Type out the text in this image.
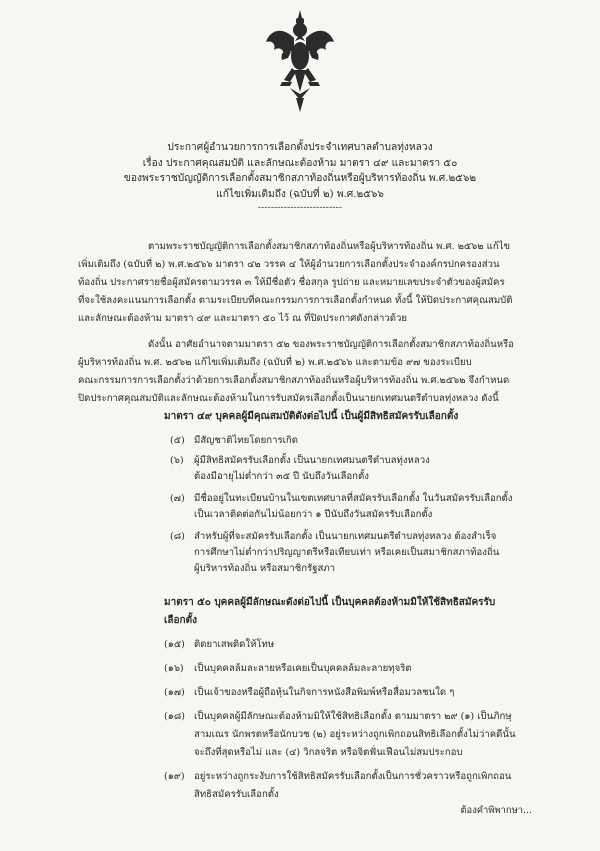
ประกาศผู้อำนวยการการเลือกตั้งประจำเทศบาลตำบลทุ่งหลวง
เรื่อง ประกาศคุณสมบัติ และลักษณะต้องห้าม มาตรา ๔๙ และมาตรา ๕๐
ของพระราชบัญญัติการเลือกตั้งสมาชิกสภาท้องถิ่นหรือผู้บริหารท้องถิ่น พ.ศ.๒๕๖๒
แก้ไขเพิ่มเติมถึง (ฉบับที่ ๒) พ.ศ.๒๕๖๖
--------------------------
ตามพระราชบัญญัติการเลือกตั้งสมาชิกสภาท้องถิ่นหรือผู้บริหารท้องถิ่น พ.ศ. ๒๕๖๒ แก้ไข
เพิ่มเติมถึง (ฉบับที่ ๒) พ.ศ.๒๕๖๖ มาตรา ๔๒ วรรค ๔ ให้ผู้อำนวยการเลือกตั้งประจำองค์กรปกครองส่วน
ท้องถิ่น ประกาศรายชื่อผู้สมัครตามวรรค ๓ ให้มีชื่อตัว ชื่อสกุล รูปถ่าย และหมายเลขประจำตัวของผู้สมัคร
ที่จะใช้ลงคะแนนการเลือกตั้ง ตามระเบียบที่คณะกรรมการการเลือกตั้งกำหนด ทั้งนี้ ให้ปิดประกาศคุณสมบัติ
และลักษณะต้องห้าม มาตรา ๔๙ และมาตรา ๕๐ ไว้ ณ ที่ปิดประกาศดังกล่าวด้วย
ดังนั้น อาศัยอำนาจตามมาตรา ๕๒ ของพระราชบัญญัติการเลือกตั้งสมาชิกสภาท้องถิ่นหรือ
ผู้บริหารท้องถิ่น พ.ศ. ๒๕๖๒ แก้ไขเพิ่มเติมถึง (ฉบับที่ ๒) พ.ศ.๒๕๖๖ และตามข้อ ๙๗ ของระเบียบ
คณะกรรมการการเลือกตั้งว่าด้วยการเลือกตั้งสมาชิกสภาท้องถิ่นหรือผู้บริหารท้องถิ่น พ.ศ.๒๕๖๒ จึงกำหนด
ปิดประกาศคุณสมบัติและลักษณะต้องห้ามในการรับสมัครเลือกตั้งเป็นนายกเทศมนตรีตำบลทุ่งหลวง ดังนี้
มาตรา ๔๙ บุคคลผู้มีคุณสมบัติดังต่อไปนี้ เป็นผู้มีสิทธิสมัครรับเลือกตั้ง
(๕) มีสัญชาติไทยโดยการเกิด
(๖) ผู้มีสิทธิสมัครรับเลือกตั้ง เป็นนายกเทศมนตรีตำบลทุ่งหลวง
ต้องมีอายุไม่ต่ำกว่า ๓๕ ปี นับถึงวันเลือกตั้ง
(๗) มีชื่ออยู่ในทะเบียนบ้านในเขตเทศบาลที่สมัครรับเลือกตั้ง ในวันสมัครรับเลือกตั้ง
เป็นเวลาติดต่อกันไม่น้อยกว่า ๑ ปีนับถึงวันสมัครรับเลือกตั้ง
(๘) สำหรับผู้ที่จะสมัครรับเลือกตั้ง เป็นนายกเทศมนตรีตำบลทุ่งหลวง ต้องสำเร็จ
การศึกษาไม่ต่ำกว่าปริญญาตรีหรือเทียบเท่า หรือเคยเป็นสมาชิกสภาท้องถิ่น
ผู้บริหารท้องถิ่น หรือสมาชิกรัฐสภา
มาตรา ๕๐ บุคคลผู้มีลักษณะดังต่อไปนี้ เป็นบุคคลต้องห้ามมิให้ใช้สิทธิสมัครรับ
เลือกตั้ง
(๑๕) ติดยาเสพติดให้โทษ
(๑๖) เป็นบุคคลล้มละลายหรือเคยเป็นบุคคลล้มละลายทุจริต
(๑๗) เป็นเจ้าของหรือผู้ถือหุ้นในกิจการหนังสือพิมพ์หรือสื่อมวลชนใด ๆ
(๑๘) เป็นบุคคลผู้มีลักษณะต้องห้ามมิให้ใช้สิทธิเลือกตั้ง ตามมาตรา ๒๙ (๑) เป็นภิกษุ
สามเณร นักพรตหรือนักบวช (๒) อยู่ระหว่างถูกเพิกถอนสิทธิเลือกตั้งไม่ว่าคดีนั้น
จะถึงที่สุดหรือไม่ และ (๔) วิกลจริต หรือจิตฟั่นเฟือนไม่สมประกอบ
(๑๙) อยู่ระหว่างถูกระงับการใช้สิทธิสมัครรับเลือกตั้งเป็นการชั่วคราวหรือถูกเพิกถอน
สิทธิสมัครรับเลือกตั้ง
ต้องคำพิพากษา...
